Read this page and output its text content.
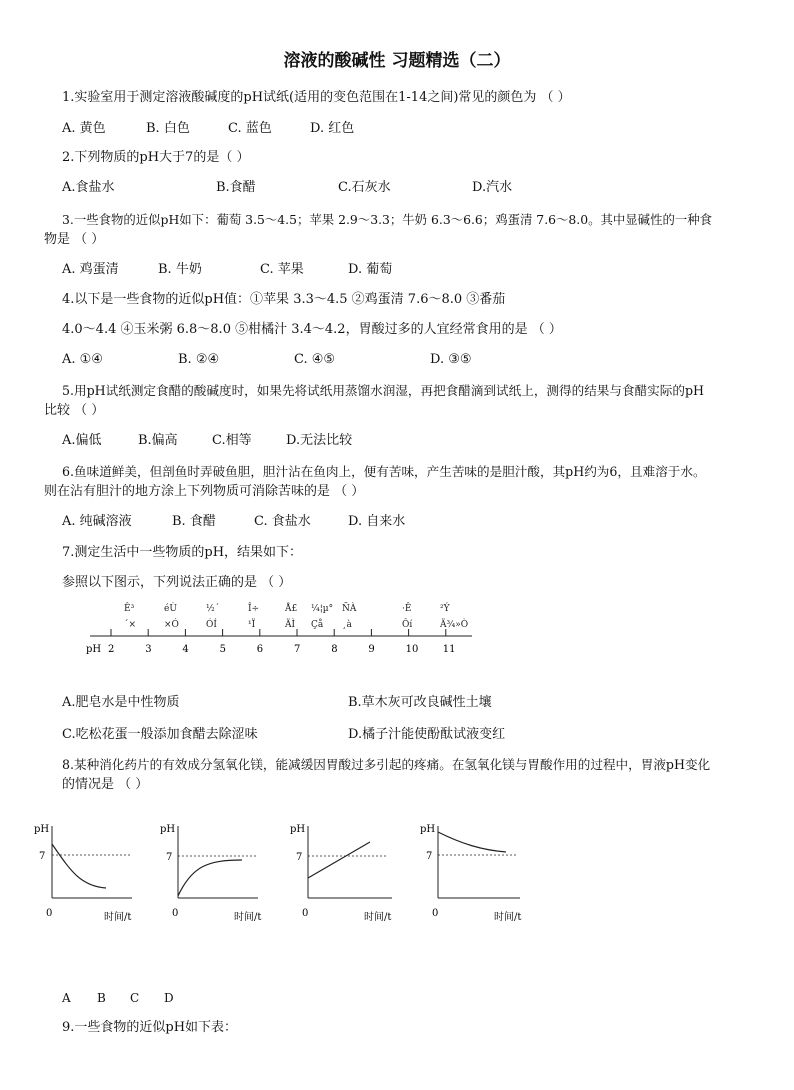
溶液的酸碱性 习题精选（二）
1.实验室用于测定溶液酸碱度的pH试纸(适用的变色范围在1-14之间)常见的颜色为 （ ）
A. 黄色	B. 白色	C. 蓝色	D. 红色
2.下列物质的pH大于7的是（ ）
A.食盐水	B.食醋	C.石灰水	D.汽水
3.一些食物的近似pH如下：葡萄 3.5～4.5；苹果 2.9～3.3；牛奶 6.3～6.6；鸡蛋清 7.6～8.0。其中显碱性的一种食
物是 （ ）
A. 鸡蛋清	B. 牛奶	C. 苹果	D. 葡萄
4.以下是一些食物的近似pH值：①苹果 3.3～4.5 ②鸡蛋清 7.6～8.0 ③番茄
4.0～4.4 ④玉米粥 6.8～8.0 ⑤柑橘汁 3.4～4.2，胃酸过多的人宜经常食用的是 （ ）
A. ①④	B. ②④	C. ④⑤	D. ③⑤
5.用pH试纸测定食醋的酸碱度时，如果先将试纸用蒸馏水润湿，再把食醋滴到试纸上，测得的结果与食醋实际的pH
比较 （ ）
A.偏低	B.偏高	C.相等	D.无法比较
6.鱼味道鲜美，但剖鱼时弄破鱼胆，胆汁沾在鱼肉上，便有苦味，产生苦味的是胆汁酸，其pH约为6，且难溶于水。
则在沾有胆汁的地方涂上下列物质可消除苦味的是 （ ）
A. 纯碱溶液	B. 食醋	C. 食盐水	D. 自来水
7.测定生活中一些物质的pH，结果如下：
参照以下图示，下列说法正确的是 （ ）
pH 2	3	4	5	6	7	8	9	10 11
Ê³
´×
éÙ
×Ó
½´
ÓÍ
Î÷
¹Ï
Å£
ÄÌ
¼¦µ°
Çå
ÑÀ
¸à
·Ê
Ôí
²Ý
Ä¾»Ò
A.肥皂水是中性物质	B.草木灰可改良碱性土壤
C.吃松花蛋一般添加食醋去除涩味	D.橘子汁能使酚酞试液变红
8.某种消化药片的有效成分氢氧化镁，能减缓因胃酸过多引起的疼痛。在氢氧化镁与胃酸作用的过程中，胃液pH变化
的情况是 （ ）
pH
7
0	时间/t
pH
7
0	时间/t
pH
7
0	时间/t
pH
7
0	时间/t
A B C D
9.一些食物的近似pH如下表：
